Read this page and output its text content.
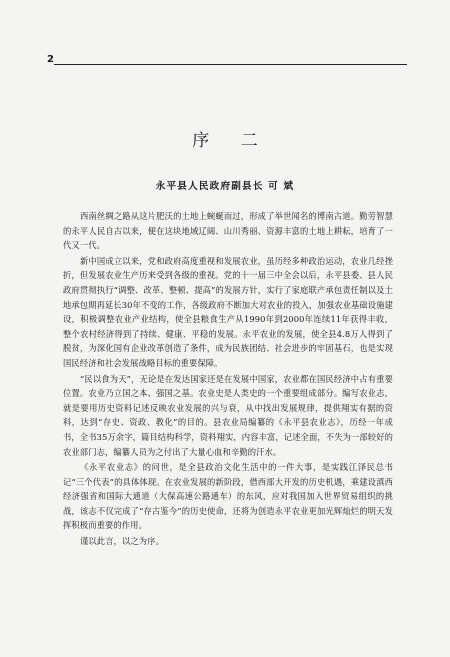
2
序 二
永平县人民政府副县长 可 斌

西南丝绸之路从这片肥沃的土地上蜿蜒而过，形成了举世闻名的博南古道。勤劳智慧的永平人民自古以来，便在这块地域辽阔、山川秀丽、资源丰富的土地上耕耘，培育了一代又一代。

新中国成立以来，党和政府高度重视和发展农业，虽历经多种政治运动，农业几经挫折，但发展农业生产历来受到各级的重视。党的十一届三中全会以后，永平县委、县人民政府贯彻执行“调整、改革、整顿、提高”的发展方针，实行了家庭联产承包责任制以及土地承包期再延长30年不变的工作，各级政府不断加大对农业的投入，加强农业基础设施建设，积极调整农业产业结构，使全县粮食生产从1990年到2000年连续11年获得丰收，整个农村经济得到了持续、健康、平稳的发展。永平农业的发展，使全县4.8万人得到了脱贫，为深化国有企业改革创造了条件，成为民族团结、社会进步的牢固基石，也是实现国民经济和社会发展战略目标的重要保障。

“民以食为天”，无论是在发达国家还是在发展中国家，农业都在国民经济中占有重要位置。农业乃立国之本、强国之基。农业史是人类史的一个重要组成部分。编写农业志，就是要用历史资料记述反映农业发展的兴与衰，从中找出发展规律，提供翔实有据的资料，达到“存史、资政、教化”的目的。县农业局编纂的《永平县农业志》，历经一年成书，全书35万余字，篇目结构科学，资料翔实，内容丰富，记述全面，不失为一部较好的农业部门志，编纂人员为之付出了大量心血和辛勤的汗水。

《永平农业志》的问世，是全县政治文化生活中的一件大事，是实践江泽民总书记“三个代表”的具体体现。在农业发展的新阶段，借西部大开发的历史机遇，乘建设滇西经济强省和国际大通道（大保高速公路通车）的东风，应对我国加入世界贸易组织的挑战，该志不仅完成了“存古鉴今”的历史使命，还将为创造永平农业更加光辉灿烂的明天发挥积极而重要的作用。

谨以此言，以之为序。
